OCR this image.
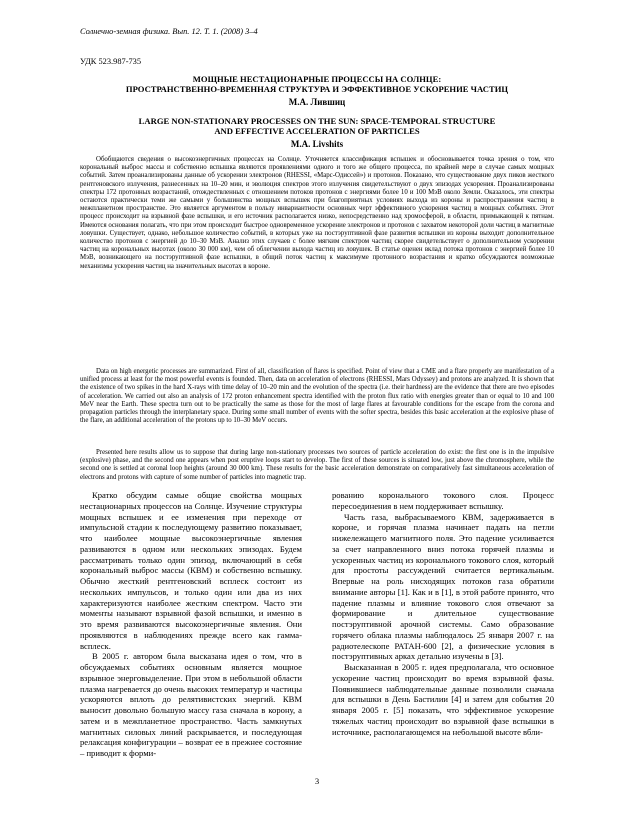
Солнечно-земная физика. Вып. 12. Т. 1. (2008) 3–4
УДК 523.987-735
МОЩНЫЕ НЕСТАЦИОНАРНЫЕ ПРОЦЕССЫ НА СОЛНЦЕ:
ПРОСТРАНСТВЕННО-ВРЕМЕННАЯ СТРУКТУРА И ЭФФЕКТИВНОЕ УСКОРЕНИЕ ЧАСТИЦ
М.А. Лившиц
LARGE NON-STATIONARY PROCESSES ON THE SUN: SPACE-TEMPORAL STRUCTURE
AND EFFECTIVE ACCELERATION OF PARTICLES
M.A. Livshits

Обобщаются сведения о высокоэнергичных процессах на Солнце. Уточняется классификация вспышек и обосновывается точка зрения о том, что корональный выброс массы и собственно вспышка являются проявлениями одного и того же общего процесса, по крайней мере в случае самых мощных событий. Затем проанализированы данные об ускорении электронов (RHESSI, «Марс-Одиссей») и протонов. Показано, что существование двух пиков жесткого рентгеновского излучения, разнесенных на 10–20 мин, и эволюция спектров этого излучения свидетельствуют о двух эпизодах ускорения. Проанализированы спектры 172 протонных возрастаний, отождествленных с отношением потоков протонов с энергиями более 10 и 100 МэВ около Земли. Оказалось, эти спектры остаются практически теми же самыми у большинства мощных вспышек при благоприятных условиях выхода из короны и распространения частиц в межпланетном пространстве. Это является аргументом в пользу инвариантности основных черт эффективного ускорения частиц в мощных событиях. Этот процесс происходит на взрывной фазе вспышки, и его источник располагается низко, непосредственно над хромосферой, в области, примыкающей к пятнам. Имеются основания полагать, что при этом происходит быстрое одновременное ускорение электронов и протонов с захватом некоторой доли частиц в магнитные ловушки. Существует, однако, небольшое количество событий, в которых уже на постэруптивной фазе развития вспышки из короны выходит дополнительное количество протонов с энергией до 10–30 МэВ. Анализ этих случаев с более мягким спектром частиц скорее свидетельствует о дополнительном ускорении частиц на корональных высотах (около 30 000 км), чем об облегчении выхода частиц из ловушек. В статье оценен вклад потока протонов с энергией более 10 МэВ, возникающего на постэруптивной фазе вспышки, в общий поток частиц к максимуме протонного возрастания и кратко обсуждаются возможные механизмы ускорения частиц на значительных высотах в короне.

Data on high energetic processes are summarized. First of all, classification of flares is specified. Point of view that a CME and a flare properly are manifestation of a unified process at least for the most powerful events is founded. Then, data on acceleration of electrons (RHESSI, Mars Odyssey) and protons are analyzed. It is shown that the existence of two spikes in the hard X-rays with time delay of 10–20 min and the evolution of the spectra (i.e. their hardness) are the evidence that there are two episodes of acceleration. We carried out also an analysis of 172 proton enhancement spectra identified with the proton flux ratio with energies greater than or equal to 10 and 100 MeV near the Earth. These spectra turn out to be practically the same as those for the most of large flares at favourable conditions for the escape from the corona and propagation particles through the interplanetary space. During some small number of events with the softer spectra, besides this basic acceleration at the explosive phase of the flare, an additional acceleration of the protons up to 10–30 MeV occurs.

Presented here results allow us to suppose that during large non-stationary processes two sources of particle acceleration do exist: the first one is in the impulsive (explosive) phase, and the second one appears when post eruptive loops start to develop. The first of these sources is situated low, just above the chromosphere, while the second one is settled at coronal loop heights (around 30 000 km). These results for the basic acceleration demonstrate on comparatively fast simultaneous acceleration of electrons and protons with capture of some number of particles into magnetic trap.

Кратко обсудим самые общие свойства мощных нестационарных процессов на Солнце. Изучение структуры мощных вспышек и ее изменения при переходе от импульсной стадии к последующему развитию показывает, что наиболее мощные высокоэнергичные явления развиваются в одном или нескольких эпизодах. Будем рассматривать только один эпизод, включающий в себя корональный выброс массы (КВМ) и собственно вспышку. Обычно жесткий рентгеновский всплеск состоит из нескольких импульсов, и только один или два из них характеризуются наиболее жестким спектром. Часто эти моменты называют взрывной фазой вспышки, и именно в это время развиваются высокоэнергичные явления. Они проявляются в наблюдениях прежде всего как гамма-всплеск.

В 2005 г. автором была высказана идея о том, что в обсуждаемых событиях основным является мощное взрывное энерговыделение. При этом в небольшой области плазма нагревается до очень высоких температур и частицы ускоряются вплоть до релятивистских энергий. КВМ выносит довольно большую массу газа сначала в корону, а затем и в межпланетное пространство. Часть замкнутых магнитных силовых линий раскрывается, и последующая релаксация конфигурации – возврат ее в прежнее состояние – приводит к форми-

рованию коронального токового слоя. Процесс пересоединения в нем поддерживает вспышку.

Часть газа, выбрасываемого КВМ, задерживается в короне, и горячая плазма начинает падать на петли нижележащего магнитного поля. Это падение усиливается за счет направленного вниз потока горячей плазмы и ускоренных частиц из коронального токового слоя, который для простоты рассуждений считается вертикальным. Впервые на роль нисходящих потоков газа обратили внимание авторы [1]. Как и в [1], в этой работе принято, что падение плазмы и влияние токового слоя отвечают за формирование и длительное существование постэруптивной арочной системы. Само образование горячего облака плазмы наблюдалось 25 января 2007 г. на радиотелескопе РАТАН-600 [2], а физические условия в постэруптивных арках детально изучены в [3].

Высказанная в 2005 г. идея предполагала, что основное ускорение частиц происходит во время взрывной фазы. Появившиеся наблюдательные данные позволили сначала для вспышки в День Бастилии [4] и затем для события 20 января 2005 г. [5] показать, что эффективное ускорение тяжелых частиц происходит во взрывной фазе вспышки в источнике, располагающемся на небольшой высоте вбли-

3
